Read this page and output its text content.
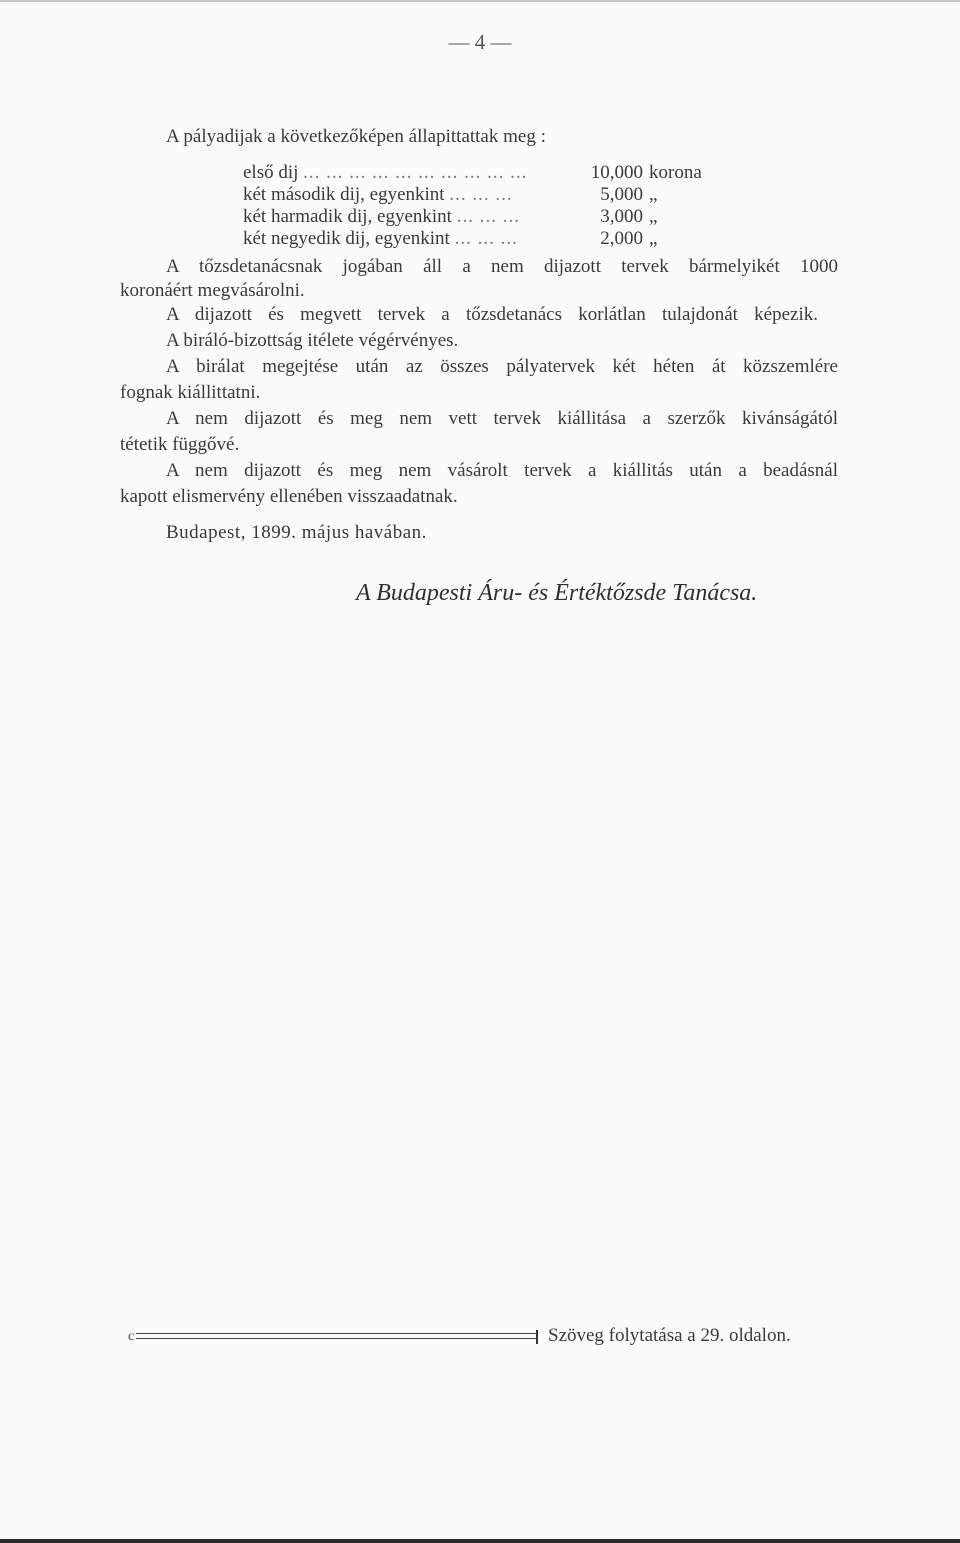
— 4 —
A pályadijak a következőképen állapittattak meg :
első dij ... ... ... ... ... ... ... ... ... ...	10,000 korona
két második dij, egyenkint ... ... ...	5,000 „
két harmadik dij, egyenkint ... ... ...	3,000 „
két negyedik dij, egyenkint ... ... ...	2,000 „
A tőzsdetanácsnak jogában áll a nem dijazott tervek bármelyikét 1000
koronáért megvásárolni.
A dijazott és megvett tervek a tőzsdetanács korlátlan tulajdonát képezik.
A biráló-bizottság itélete végérvényes.
A birálat megejtése után az összes pályatervek két héten át közszemlére
fognak kiállittatni.
A nem dijazott és meg nem vett tervek kiállitása a szerzők kivánságától
tétetik függővé.
A nem dijazott és meg nem vásárolt tervek a kiállitás után a beadásnál
kapott elismervény ellenében visszaadatnak.
Budapest, 1899. május havában.
A Budapesti Áru- és Értéktőzsde Tanácsa.
c	Szöveg folytatása a 29. oldalon.
